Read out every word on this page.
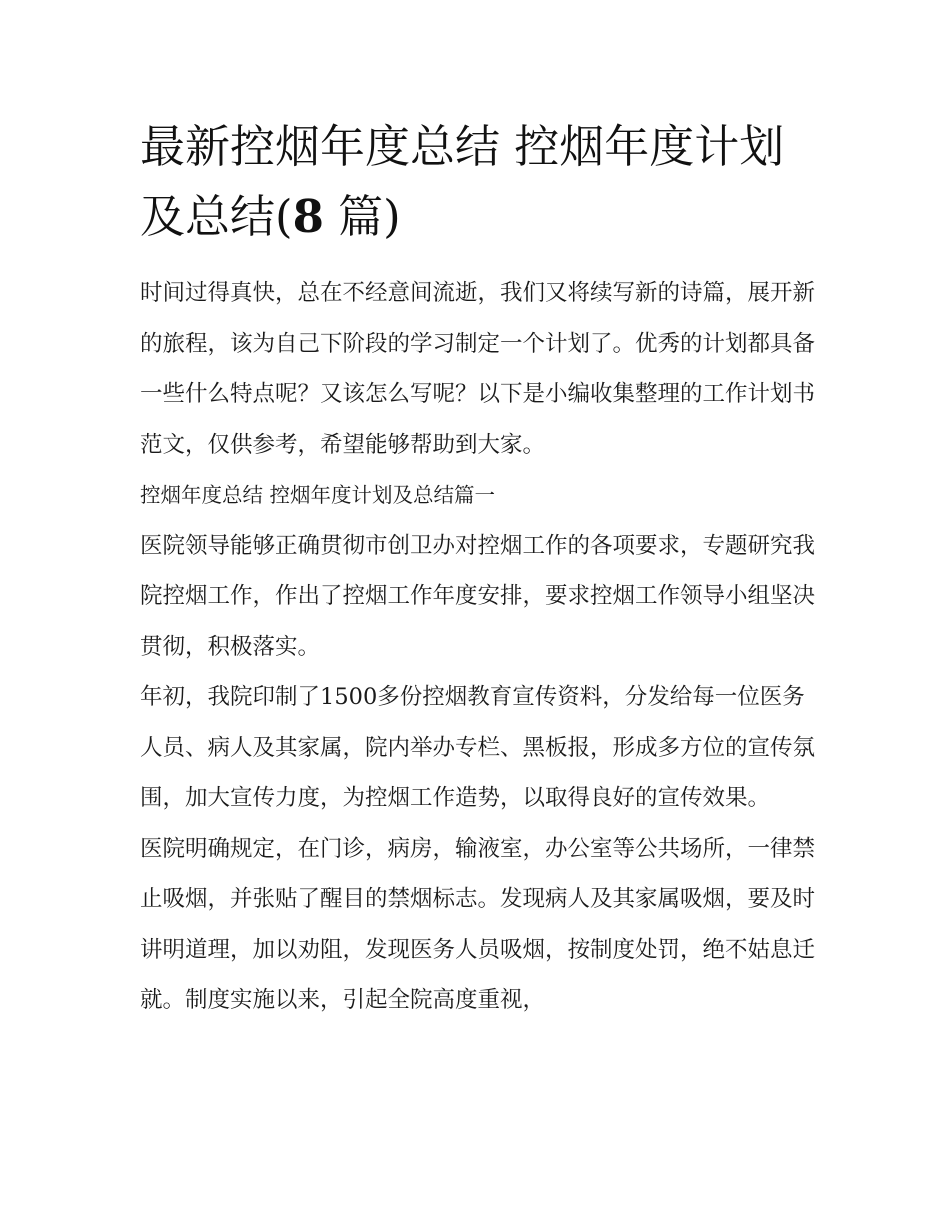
最新控烟年度总结 控烟年度计划及总结(8 篇)

时间过得真快，总在不经意间流逝，我们又将续写新的诗篇，展开新的旅程，该为自己下阶段的学习制定一个计划了。优秀的计划都具备一些什么特点呢？又该怎么写呢？以下是小编收集整理的工作计划书范文，仅供参考，希望能够帮助到大家。

控烟年度总结 控烟年度计划及总结篇一

医院领导能够正确贯彻市创卫办对控烟工作的各项要求，专题研究我院控烟工作，作出了控烟工作年度安排，要求控烟工作领导小组坚决贯彻，积极落实。

年初，我院印制了1500多份控烟教育宣传资料，分发给每一位医务人员、病人及其家属，院内举办专栏、黑板报，形成多方位的宣传氛围，加大宣传力度，为控烟工作造势，以取得良好的宣传效果。

医院明确规定，在门诊，病房，输液室，办公室等公共场所，一律禁止吸烟，并张贴了醒目的禁烟标志。发现病人及其家属吸烟，要及时讲明道理，加以劝阻，发现医务人员吸烟，按制度处罚，绝不姑息迁就。制度实施以来，引起全院高度重视，
